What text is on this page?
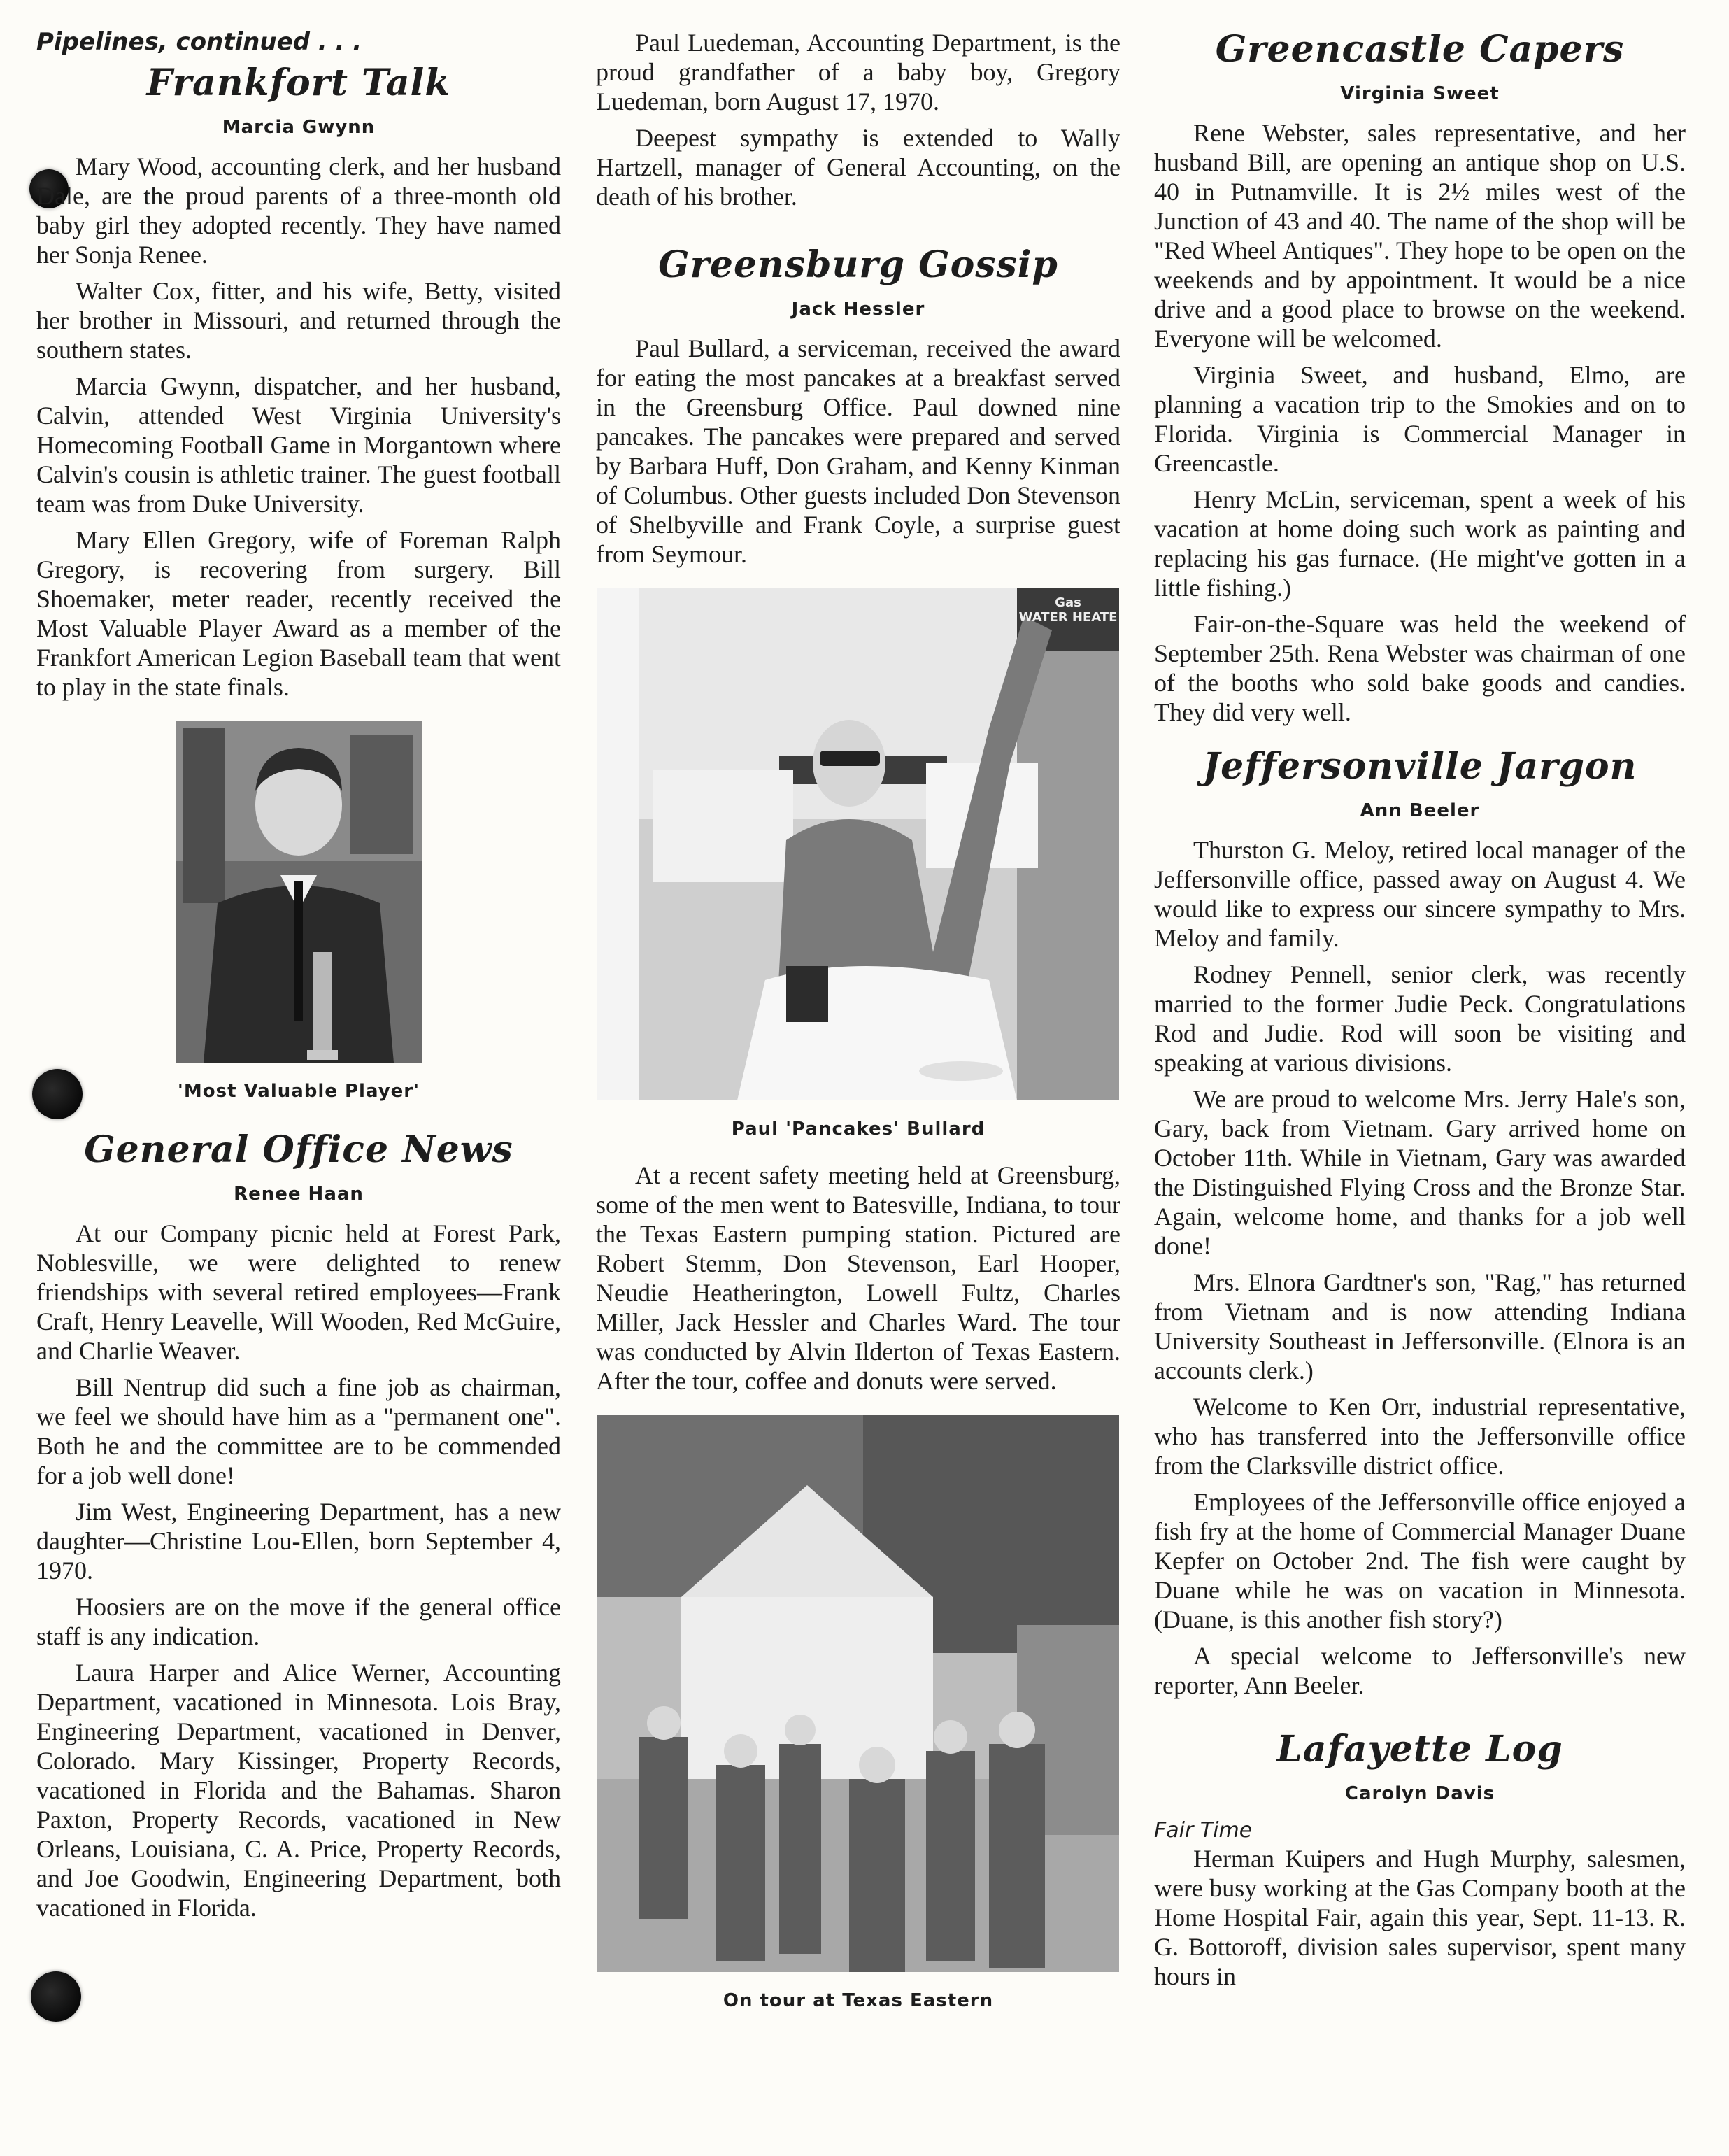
Pipelines, continued . . .
Frankfort Talk
Marcia Gwynn

Mary Wood, accounting clerk, and her husband Dale, are the proud parents of a three-month old baby girl they adopted recently. They have named her Sonja Renee.

Walter Cox, fitter, and his wife, Betty, visited her brother in Missouri, and returned through the southern states.

Marcia Gwynn, dispatcher, and her husband, Calvin, attended West Virginia University's Homecoming Football Game in Morgantown where Calvin's cousin is athletic trainer. The guest football team was from Duke University.

Mary Ellen Gregory, wife of Foreman Ralph Gregory, is recovering from surgery. Bill Shoemaker, meter reader, recently received the Most Valuable Player Award as a member of the Frankfort American Legion Baseball team that went to play in the state finals.

'Most Valuable Player'
General Office News
Renee Haan

At our Company picnic held at Forest Park, Noblesville, we were delighted to renew friendships with several retired employees—Frank Craft, Henry Leavelle, Will Wooden, Red McGuire, and Charlie Weaver.

Bill Nentrup did such a fine job as chairman, we feel we should have him as a "permanent one". Both he and the committee are to be commended for a job well done!

Jim West, Engineering Department, has a new daughter—Christine Lou-Ellen, born September 4, 1970.

Hoosiers are on the move if the general office staff is any indication.

Laura Harper and Alice Werner, Accounting Department, vacationed in Minnesota. Lois Bray, Engineering Department, vacationed in Denver, Colorado. Mary Kissinger, Property Records, vacationed in Florida and the Bahamas. Sharon Paxton, Property Records, vacationed in New Orleans, Louisiana, C. A. Price, Property Records, and Joe Goodwin, Engineering Department, both vacationed in Florida.

Paul Luedeman, Accounting Department, is the proud grandfather of a baby boy, Gregory Luedeman, born August 17, 1970.

Deepest sympathy is extended to Wally Hartzell, manager of General Accounting, on the death of his brother.

Greensburg Gossip
Jack Hessler

Paul Bullard, a serviceman, received the award for eating the most pancakes at a breakfast served in the Greensburg Office. Paul downed nine pancakes. The pancakes were prepared and served by Barbara Huff, Don Graham, and Kenny Kinman of Columbus. Other guests included Don Stevenson of Shelbyville and Frank Coyle, a surprise guest from Seymour.

Gas
WATER HEATE
Paul 'Pancakes' Bullard

At a recent safety meeting held at Greensburg, some of the men went to Batesville, Indiana, to tour the Texas Eastern pumping station. Pictured are Robert Stemm, Don Stevenson, Earl Hooper, Neudie Heatherington, Lowell Fultz, Charles Miller, Jack Hessler and Charles Ward. The tour was conducted by Alvin Ilderton of Texas Eastern. After the tour, coffee and donuts were served.

On tour at Texas Eastern
Greencastle Capers
Virginia Sweet

Rene Webster, sales representative, and her husband Bill, are opening an antique shop on U.S. 40 in Putnamville. It is 2½ miles west of the Junction of 43 and 40. The name of the shop will be "Red Wheel Antiques". They hope to be open on the weekends and by appointment. It would be a nice drive and a good place to browse on the weekend. Everyone will be welcomed.

Virginia Sweet, and husband, Elmo, are planning a vacation trip to the Smokies and on to Florida. Virginia is Commercial Manager in Greencastle.

Henry McLin, serviceman, spent a week of his vacation at home doing such work as painting and replacing his gas furnace. (He might've gotten in a little fishing.)

Fair-on-the-Square was held the weekend of September 25th. Rena Webster was chairman of one of the booths who sold bake goods and candies. They did very well.

Jeffersonville Jargon
Ann Beeler

Thurston G. Meloy, retired local manager of the Jeffersonville office, passed away on August 4. We would like to express our sincere sympathy to Mrs. Meloy and family.

Rodney Pennell, senior clerk, was recently married to the former Judie Peck. Congratulations Rod and Judie. Rod will soon be visiting and speaking at various divisions.

We are proud to welcome Mrs. Jerry Hale's son, Gary, back from Vietnam. Gary arrived home on October 11th. While in Vietnam, Gary was awarded the Distinguished Flying Cross and the Bronze Star. Again, welcome home, and thanks for a job well done!

Mrs. Elnora Gardtner's son, "Rag," has returned from Vietnam and is now attending Indiana University Southeast in Jeffersonville. (Elnora is an accounts clerk.)

Welcome to Ken Orr, industrial representative, who has transferred into the Jeffersonville office from the Clarksville district office.

Employees of the Jeffersonville office enjoyed a fish fry at the home of Commercial Manager Duane Kepfer on October 2nd. The fish were caught by Duane while he was on vacation in Minnesota. (Duane, is this another fish story?)

A special welcome to Jeffersonville's new reporter, Ann Beeler.

Lafayette Log
Carolyn Davis
Fair Time

Herman Kuipers and Hugh Murphy, salesmen, were busy working at the Gas Company booth at the Home Hospital Fair, again this year, Sept. 11-13. R. G. Bottoroff, division sales supervisor, spent many hours in
